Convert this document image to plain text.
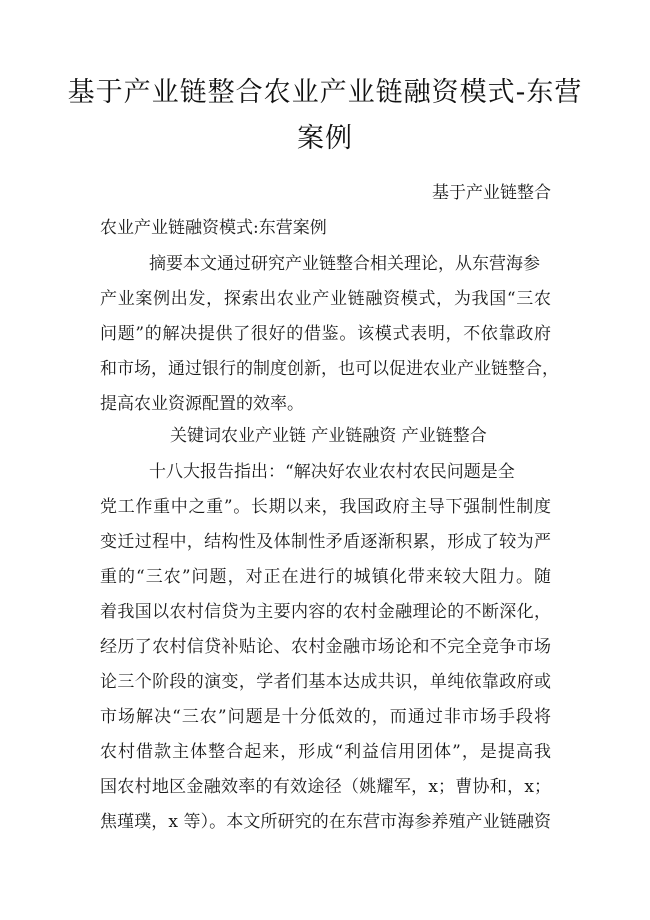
基于产业链整合农业产业链融资模式-东营
案例
基于产业链整合
农业产业链融资模式:东营案例
摘要本文通过研究产业链整合相关理论，从东营海参
产业案例出发，探索出农业产业链融资模式，为我国“三农
问题”的解决提供了很好的借鉴。该模式表明，不依靠政府
和市场，通过银行的制度创新，也可以促进农业产业链整合，
提高农业资源配置的效率。
关键词农业产业链 产业链融资 产业链整合
十八大报告指出：“解决好农业农村农民问题是全
党工作重中之重”。长期以来，我国政府主导下强制性制度
变迁过程中，结构性及体制性矛盾逐渐积累，形成了较为严
重的“三农”问题，对正在进行的城镇化带来较大阻力。随
着我国以农村信贷为主要内容的农村金融理论的不断深化，
经历了农村信贷补贴论、农村金融市场论和不完全竞争市场
论三个阶段的演变，学者们基本达成共识，单纯依靠政府或
市场解决“三农”问题是十分低效的，而通过非市场手段将
农村借款主体整合起来，形成“利益信用团体”，是提高我
国农村地区金融效率的有效途径（姚耀军，x；曹协和，x；
焦瑾璞，x 等）。本文所研究的在东营市海参养殖产业链融资
